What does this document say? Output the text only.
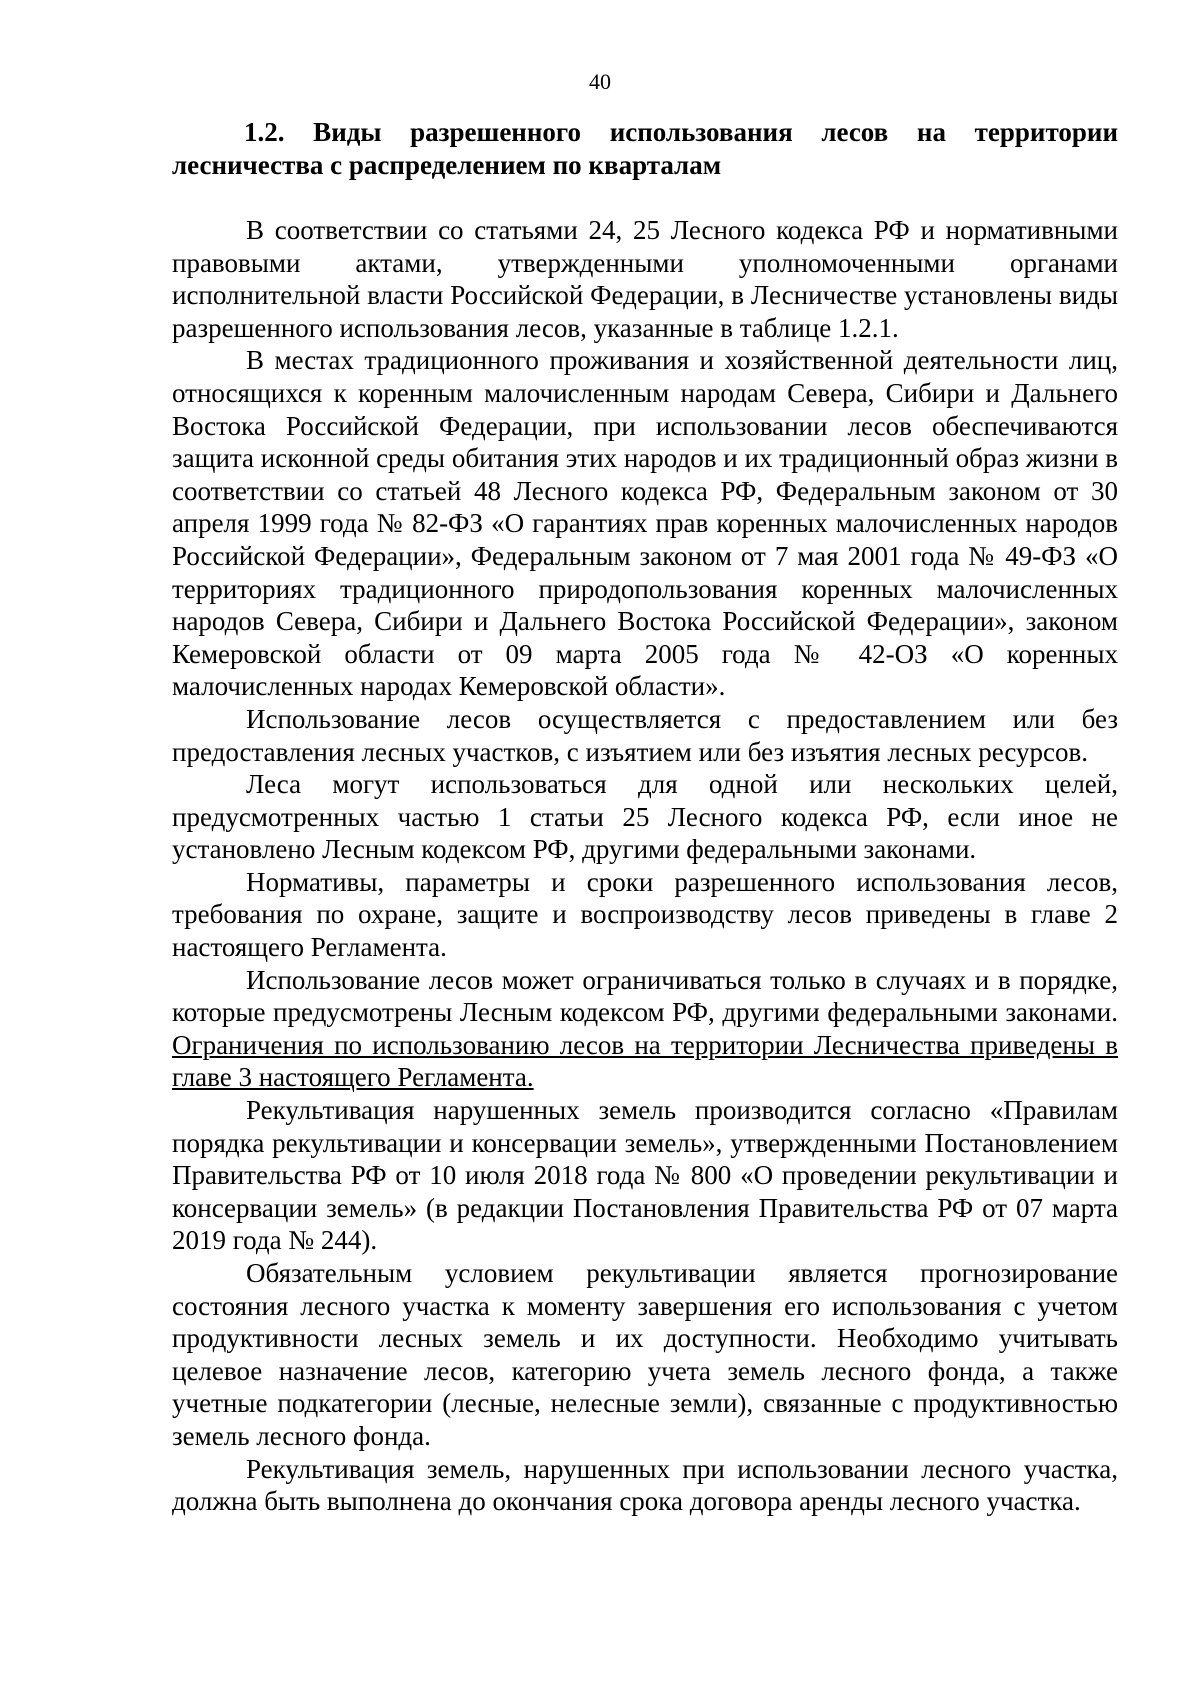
40
1.2. Виды разрешенного использования лесов на территории лесничества с распределением по кварталам

В соответствии со статьями 24, 25 Лесного кодекса РФ и нормативными правовыми актами, утвержденными уполномоченными органами исполнительной власти Российской Федерации, в Лесничестве установлены виды разрешенного использования лесов, указанные в таблице 1.2.1.

В местах традиционного проживания и хозяйственной деятельности лиц, относящихся к коренным малочисленным народам Севера, Сибири и Дальнего Востока Российской Федерации, при использовании лесов обеспечиваются защита исконной среды обитания этих народов и их традиционный образ жизни в соответствии со статьей 48 Лесного кодекса РФ, Федеральным законом от 30 апреля 1999 года № 82-ФЗ «О гарантиях прав коренных малочисленных народов Российской Федерации», Федеральным законом от 7 мая 2001 года № 49-ФЗ «О территориях традиционного природопользования коренных малочисленных народов Севера, Сибири и Дальнего Востока Российской Федерации», законом Кемеровской области от 09 марта 2005 года № 42-ОЗ «О коренных малочисленных народах Кемеровской области».

Использование лесов осуществляется с предоставлением или без предоставления лесных участков, с изъятием или без изъятия лесных ресурсов.

Леса могут использоваться для одной или нескольких целей, предусмотренных частью 1 статьи 25 Лесного кодекса РФ, если иное не установлено Лесным кодексом РФ, другими федеральными законами.

Нормативы, параметры и сроки разрешенного использования лесов, требования по охране, защите и воспроизводству лесов приведены в главе 2 настоящего Регламента.

Использование лесов может ограничиваться только в случаях и в порядке, которые предусмотрены Лесным кодексом РФ, другими федеральными законами. Ограничения по использованию лесов на территории Лесничества приведены в главе 3 настоящего Регламента.

Рекультивация нарушенных земель производится согласно «Правилам порядка рекультивации и консервации земель», утвержденными Постановлением Правительства РФ от 10 июля 2018 года № 800 «О проведении рекультивации и консервации земель» (в редакции Постановления Правительства РФ от 07 марта 2019 года № 244).

Обязательным условием рекультивации является прогнозирование состояния лесного участка к моменту завершения его использования с учетом продуктивности лесных земель и их доступности. Необходимо учитывать целевое назначение лесов, категорию учета земель лесного фонда, а также учетные подкатегории (лесные, нелесные земли), связанные с продуктивностью земель лесного фонда.

Рекультивация земель, нарушенных при использовании лесного участка, должна быть выполнена до окончания срока договора аренды лесного участка.
